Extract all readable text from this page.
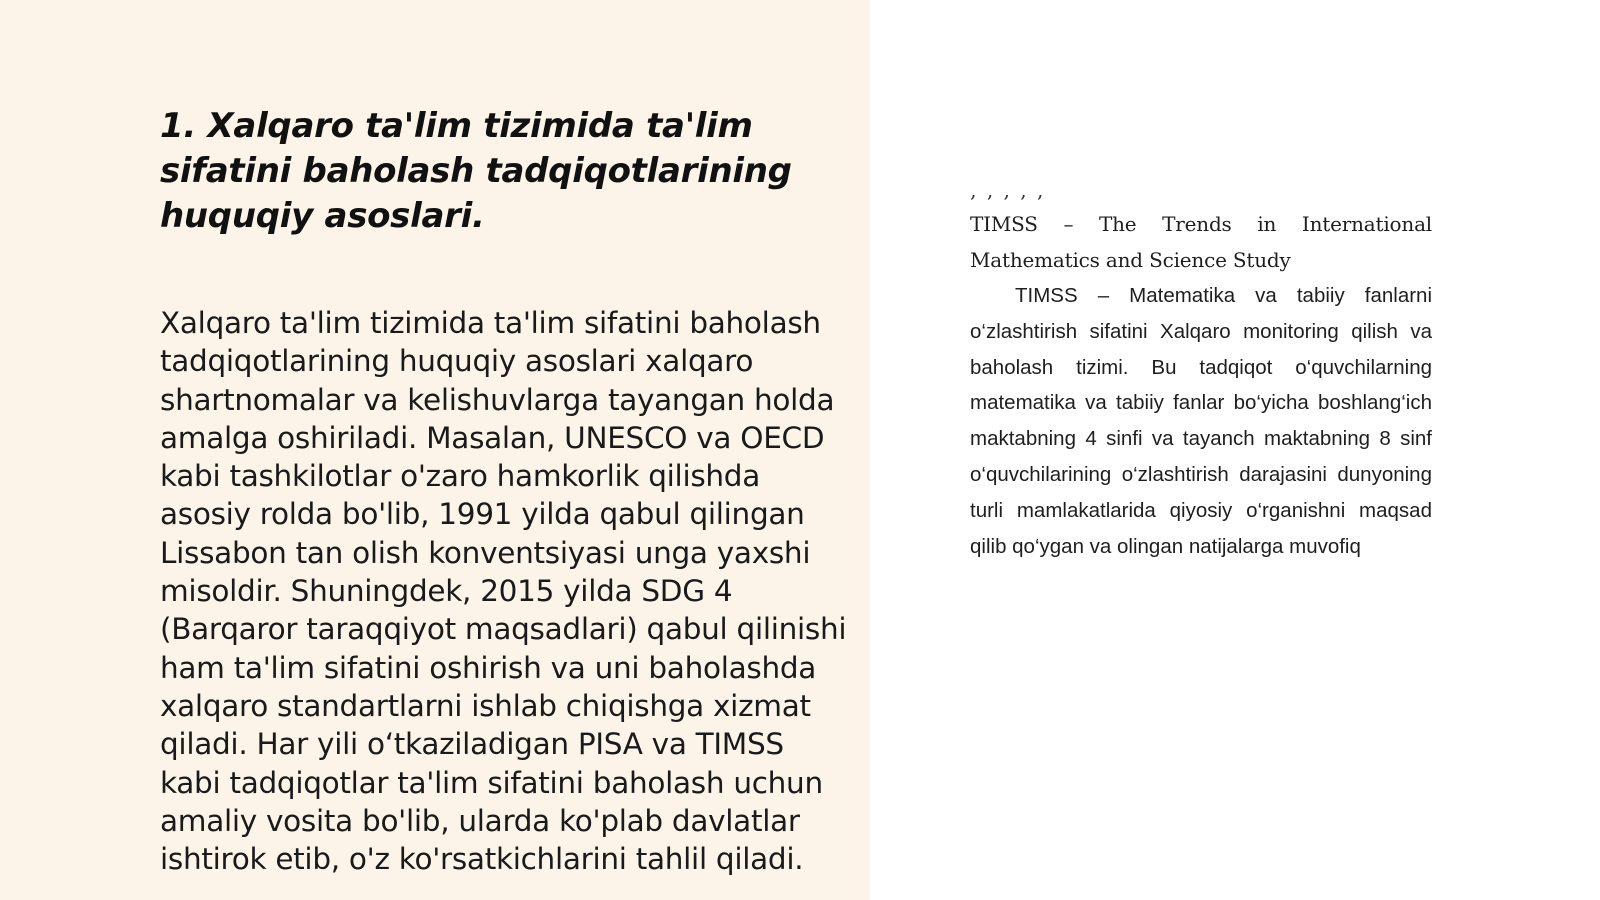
1. Xalqaro ta'lim tizimida ta'lim sifatini baholash tadqiqotlarining huquqiy asoslari.

Xalqaro ta'lim tizimida ta'lim sifatini baholash tadqiqotlarining huquqiy asoslari xalqaro shartnomalar va kelishuvlarga tayangan holda amalga oshiriladi. Masalan, UNESCO va OECD kabi tashkilotlar o'zaro hamkorlik qilishda asosiy rolda bo'lib, 1991 yilda qabul qilingan Lissabon tan olish konventsiyasi unga yaxshi misoldir. Shuningdek, 2015 yilda SDG 4 (Barqaror taraqqiyot maqsadlari) qabul qilinishi ham ta'lim sifatini oshirish va uni baholashda xalqaro standartlarni ishlab chiqishga xizmat qiladi. Har yili o‘tkaziladigan PISA va TIMSS kabi tadqiqotlar ta'lim sifatini baholash uchun amaliy vosita bo'lib, ularda ko'plab davlatlar ishtirok etib, o'z ko'rsatkichlarini tahlil qiladi.

‚ ‚ ‚ ‚ ‚

TIMSS – The Trends in International Mathematics and Science Study

TIMSS – Matematika va tabiiy fanlarni o‘zlashtirish sifatini Xalqaro monitoring qilish va baholash tizimi. Bu tadqiqot o‘quvchilarning matematika va tabiiy fanlar bo‘yicha boshlang‘ich maktabning 4 sinfi va tayanch maktabning 8 sinf o‘quvchilarining o‘zlashtirish darajasini dunyoning turli mamlakatlarida qiyosiy o‘rganishni maqsad qilib qo‘ygan va olingan natijalarga muvofiq
